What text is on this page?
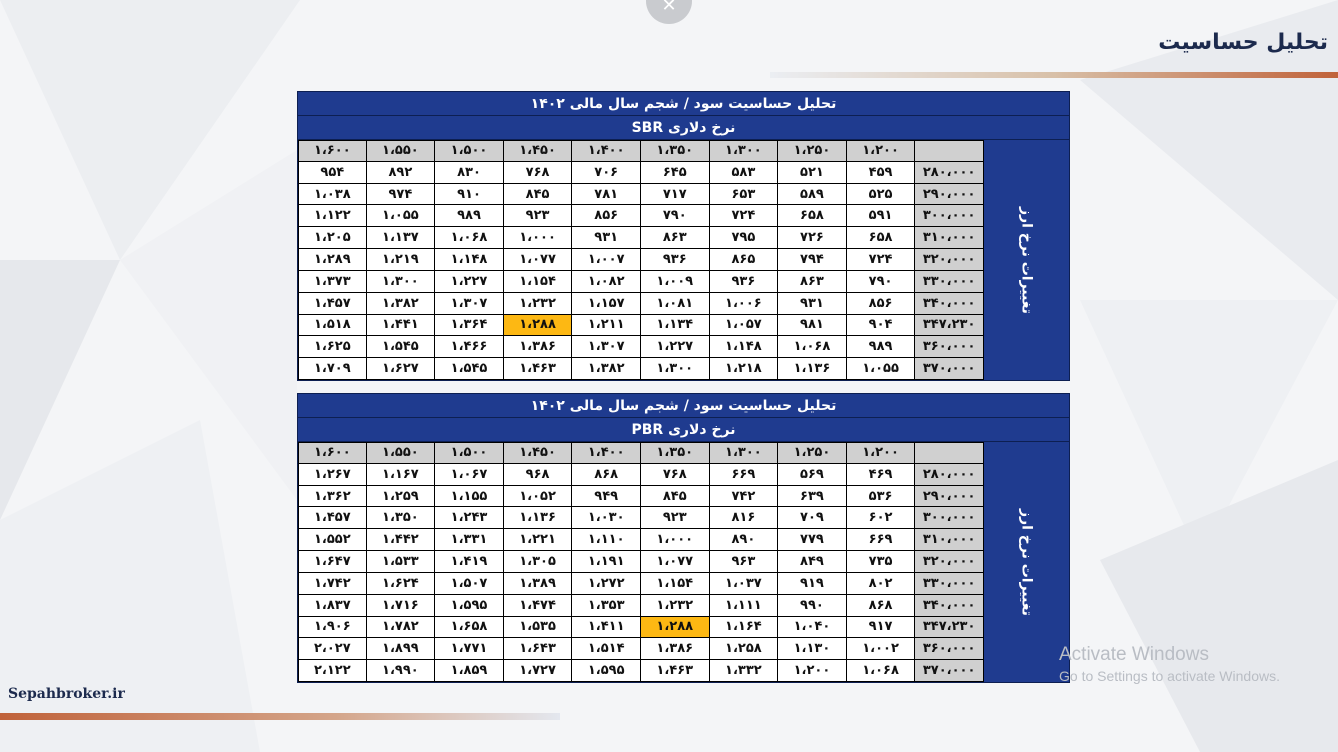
✕
تحلیل حساسیت
تحلیل حساسیت سود / شجم سال مالی ۱۴۰۲
نرخ دلاری SBR
۱،۶۰۰	۱،۵۵۰	۱،۵۰۰	۱،۴۵۰	۱،۴۰۰	۱،۳۵۰	۱،۳۰۰	۱،۲۵۰	۱،۲۰۰
۹۵۴	۸۹۲	۸۳۰	۷۶۸	۷۰۶	۶۴۵	۵۸۳	۵۲۱	۴۵۹	۲۸۰،۰۰۰
۱،۰۳۸	۹۷۴	۹۱۰	۸۴۵	۷۸۱	۷۱۷	۶۵۳	۵۸۹	۵۲۵	۲۹۰،۰۰۰
۱،۱۲۲	۱،۰۵۵	۹۸۹	۹۲۳	۸۵۶	۷۹۰	۷۲۴	۶۵۸	۵۹۱	۳۰۰،۰۰۰
۱،۲۰۵	۱،۱۳۷	۱،۰۶۸	۱،۰۰۰	۹۳۱	۸۶۳	۷۹۵	۷۲۶	۶۵۸	۳۱۰،۰۰۰
۱،۲۸۹	۱،۲۱۹	۱،۱۴۸	۱،۰۷۷	۱،۰۰۷	۹۳۶	۸۶۵	۷۹۴	۷۲۴	۳۲۰،۰۰۰
۱،۳۷۳	۱،۳۰۰	۱،۲۲۷	۱،۱۵۴	۱،۰۸۲	۱،۰۰۹	۹۳۶	۸۶۳	۷۹۰	۳۳۰،۰۰۰
۱،۴۵۷	۱،۳۸۲	۱،۳۰۷	۱،۲۳۲	۱،۱۵۷	۱،۰۸۱	۱،۰۰۶	۹۳۱	۸۵۶	۳۴۰،۰۰۰
۱،۵۱۸	۱،۴۴۱	۱،۳۶۴	۱،۲۸۸	۱،۲۱۱	۱،۱۳۴	۱،۰۵۷	۹۸۱	۹۰۴	۳۴۷،۲۳۰
۱،۶۲۵	۱،۵۴۵	۱،۴۶۶	۱،۳۸۶	۱،۳۰۷	۱،۲۲۷	۱،۱۴۸	۱،۰۶۸	۹۸۹	۳۶۰،۰۰۰
۱،۷۰۹	۱،۶۲۷	۱،۵۴۵	۱،۴۶۳	۱،۳۸۲	۱،۳۰۰	۱،۲۱۸	۱،۱۳۶	۱،۰۵۵	۳۷۰،۰۰۰
تغییرات نرخ ارز
تحلیل حساسیت سود / شجم سال مالی ۱۴۰۲
نرخ دلاری PBR
۱،۶۰۰	۱،۵۵۰	۱،۵۰۰	۱،۴۵۰	۱،۴۰۰	۱،۳۵۰	۱،۳۰۰	۱،۲۵۰	۱،۲۰۰
۱،۲۶۷	۱،۱۶۷	۱،۰۶۷	۹۶۸	۸۶۸	۷۶۸	۶۶۹	۵۶۹	۴۶۹	۲۸۰،۰۰۰
۱،۳۶۲	۱،۲۵۹	۱،۱۵۵	۱،۰۵۲	۹۴۹	۸۴۵	۷۴۲	۶۳۹	۵۳۶	۲۹۰،۰۰۰
۱،۴۵۷	۱،۳۵۰	۱،۲۴۳	۱،۱۳۶	۱،۰۳۰	۹۲۳	۸۱۶	۷۰۹	۶۰۲	۳۰۰،۰۰۰
۱،۵۵۲	۱،۴۴۲	۱،۳۳۱	۱،۲۲۱	۱،۱۱۰	۱،۰۰۰	۸۹۰	۷۷۹	۶۶۹	۳۱۰،۰۰۰
۱،۶۴۷	۱،۵۳۳	۱،۴۱۹	۱،۳۰۵	۱،۱۹۱	۱،۰۷۷	۹۶۳	۸۴۹	۷۳۵	۳۲۰،۰۰۰
۱،۷۴۲	۱،۶۲۴	۱،۵۰۷	۱،۳۸۹	۱،۲۷۲	۱،۱۵۴	۱،۰۳۷	۹۱۹	۸۰۲	۳۳۰،۰۰۰
۱،۸۳۷	۱،۷۱۶	۱،۵۹۵	۱،۴۷۴	۱،۳۵۳	۱،۲۳۲	۱،۱۱۱	۹۹۰	۸۶۸	۳۴۰،۰۰۰
۱،۹۰۶	۱،۷۸۲	۱،۶۵۸	۱،۵۳۵	۱،۴۱۱	۱،۲۸۸	۱،۱۶۴	۱،۰۴۰	۹۱۷	۳۴۷،۲۳۰
۲،۰۲۷	۱،۸۹۹	۱،۷۷۱	۱،۶۴۳	۱،۵۱۴	۱،۳۸۶	۱،۲۵۸	۱،۱۳۰	۱،۰۰۲	۳۶۰،۰۰۰
۲،۱۲۲	۱،۹۹۰	۱،۸۵۹	۱،۷۲۷	۱،۵۹۵	۱،۴۶۳	۱،۳۳۲	۱،۲۰۰	۱،۰۶۸	۳۷۰،۰۰۰
تغییرات نرخ ارز
Sepahbroker.ir
Activate Windows
Go to Settings to activate Windows.
